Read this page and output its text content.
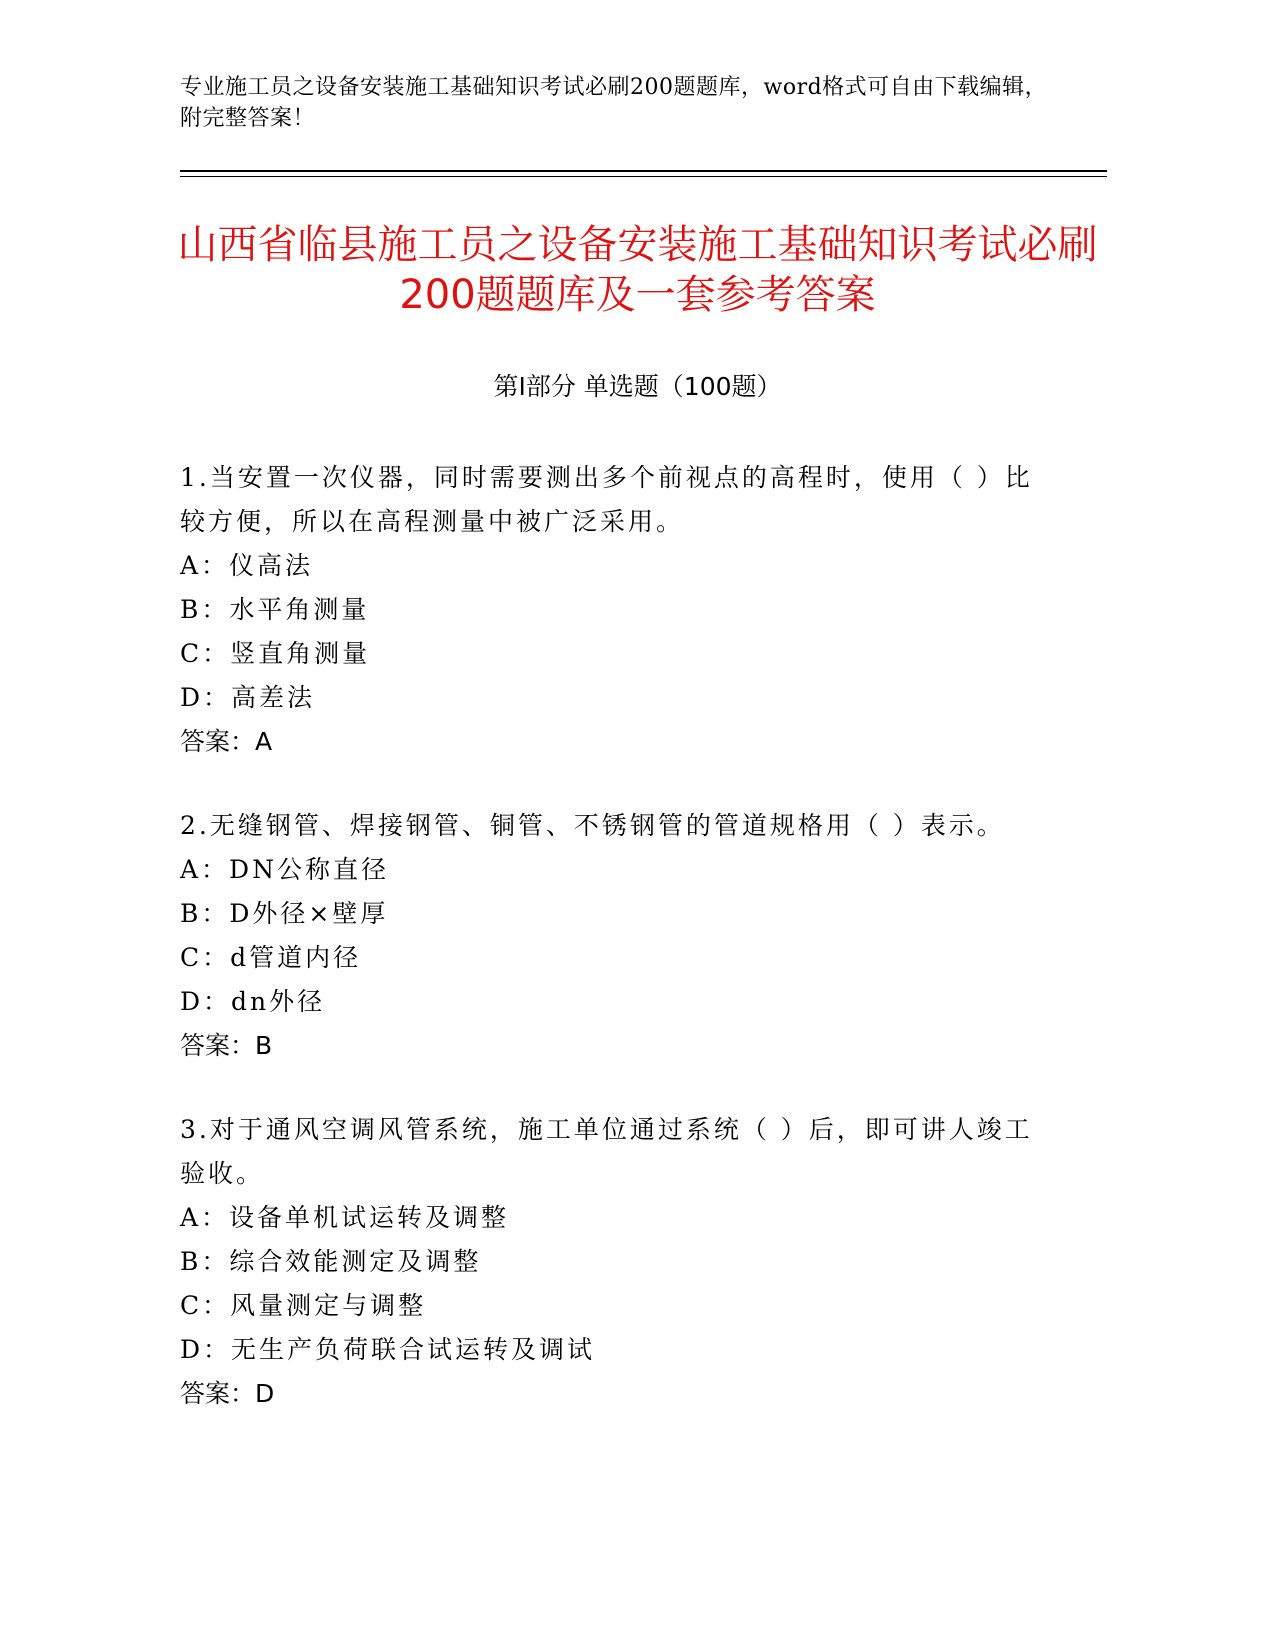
专业施工员之设备安装施工基础知识考试必刷200题题库，word格式可自由下载编辑，附完整答案！
山西省临县施工员之设备安装施工基础知识考试必刷200题题库及一套参考答案
第Ⅰ部分 单选题（100题）
1.当安置一次仪器，同时需要测出多个前视点的高程时，使用（ ）比较方便，所以在高程测量中被广泛采用。
A：仪高法
B：水平角测量
C：竖直角测量
D：高差法
答案：A
2.无缝钢管、焊接钢管、铜管、不锈钢管的管道规格用（ ）表示。
A：DN公称直径
B：D外径×壁厚
C：d管道内径
D：dn外径
答案：B
3.对于通风空调风管系统，施工单位通过系统（ ）后，即可讲人竣工验收。
A：设备单机试运转及调整
B：综合效能测定及调整
C：风量测定与调整
D：无生产负荷联合试运转及调试
答案：D
